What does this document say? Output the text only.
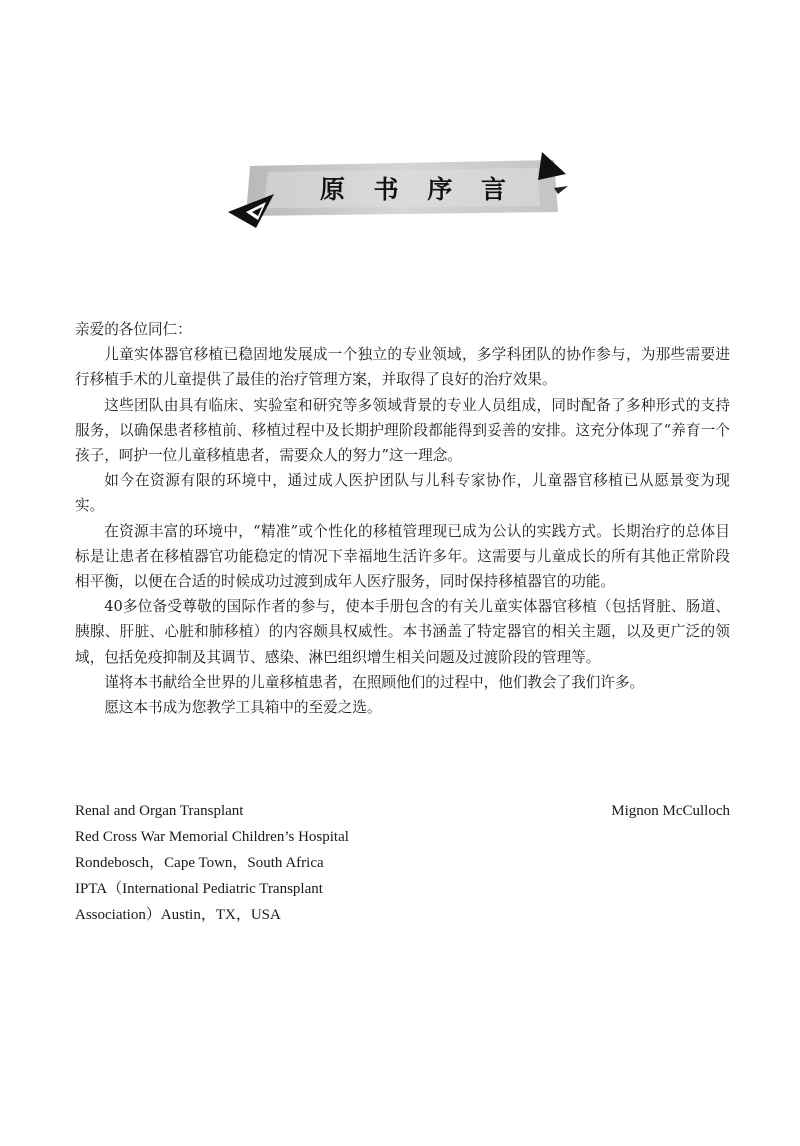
原 书 序 言

亲爱的各位同仁：

儿童实体器官移植已稳固地发展成一个独立的专业领域，多学科团队的协作参与，为那些需要进行移植手术的儿童提供了最佳的治疗管理方案，并取得了良好的治疗效果。

这些团队由具有临床、实验室和研究等多领域背景的专业人员组成，同时配备了多种形式的支持服务，以确保患者移植前、移植过程中及长期护理阶段都能得到妥善的安排。这充分体现了“养育一个孩子，呵护一位儿童移植患者，需要众人的努力”这一理念。

如今在资源有限的环境中，通过成人医护团队与儿科专家协作，儿童器官移植已从愿景变为现实。

在资源丰富的环境中，“精准”或个性化的移植管理现已成为公认的实践方式。长期治疗的总体目标是让患者在移植器官功能稳定的情况下幸福地生活许多年。这需要与儿童成长的所有其他正常阶段相平衡，以便在合适的时候成功过渡到成年人医疗服务，同时保持移植器官的功能。

40多位备受尊敬的国际作者的参与，使本手册包含的有关儿童实体器官移植（包括肾脏、肠道、胰腺、肝脏、心脏和肺移植）的内容颇具权威性。本书涵盖了特定器官的相关主题，以及更广泛的领域，包括免疫抑制及其调节、感染、淋巴组织增生相关问题及过渡阶段的管理等。

谨将本书献给全世界的儿童移植患者，在照顾他们的过程中，他们教会了我们许多。

愿这本书成为您教学工具箱中的至爱之选。

Mignon McCulloch
Renal and Organ Transplant
Red Cross War Memorial Children’s Hospital
Rondebosch，Cape Town，South Africa
IPTA（International Pediatric Transplant
Association）Austin，TX，USA
